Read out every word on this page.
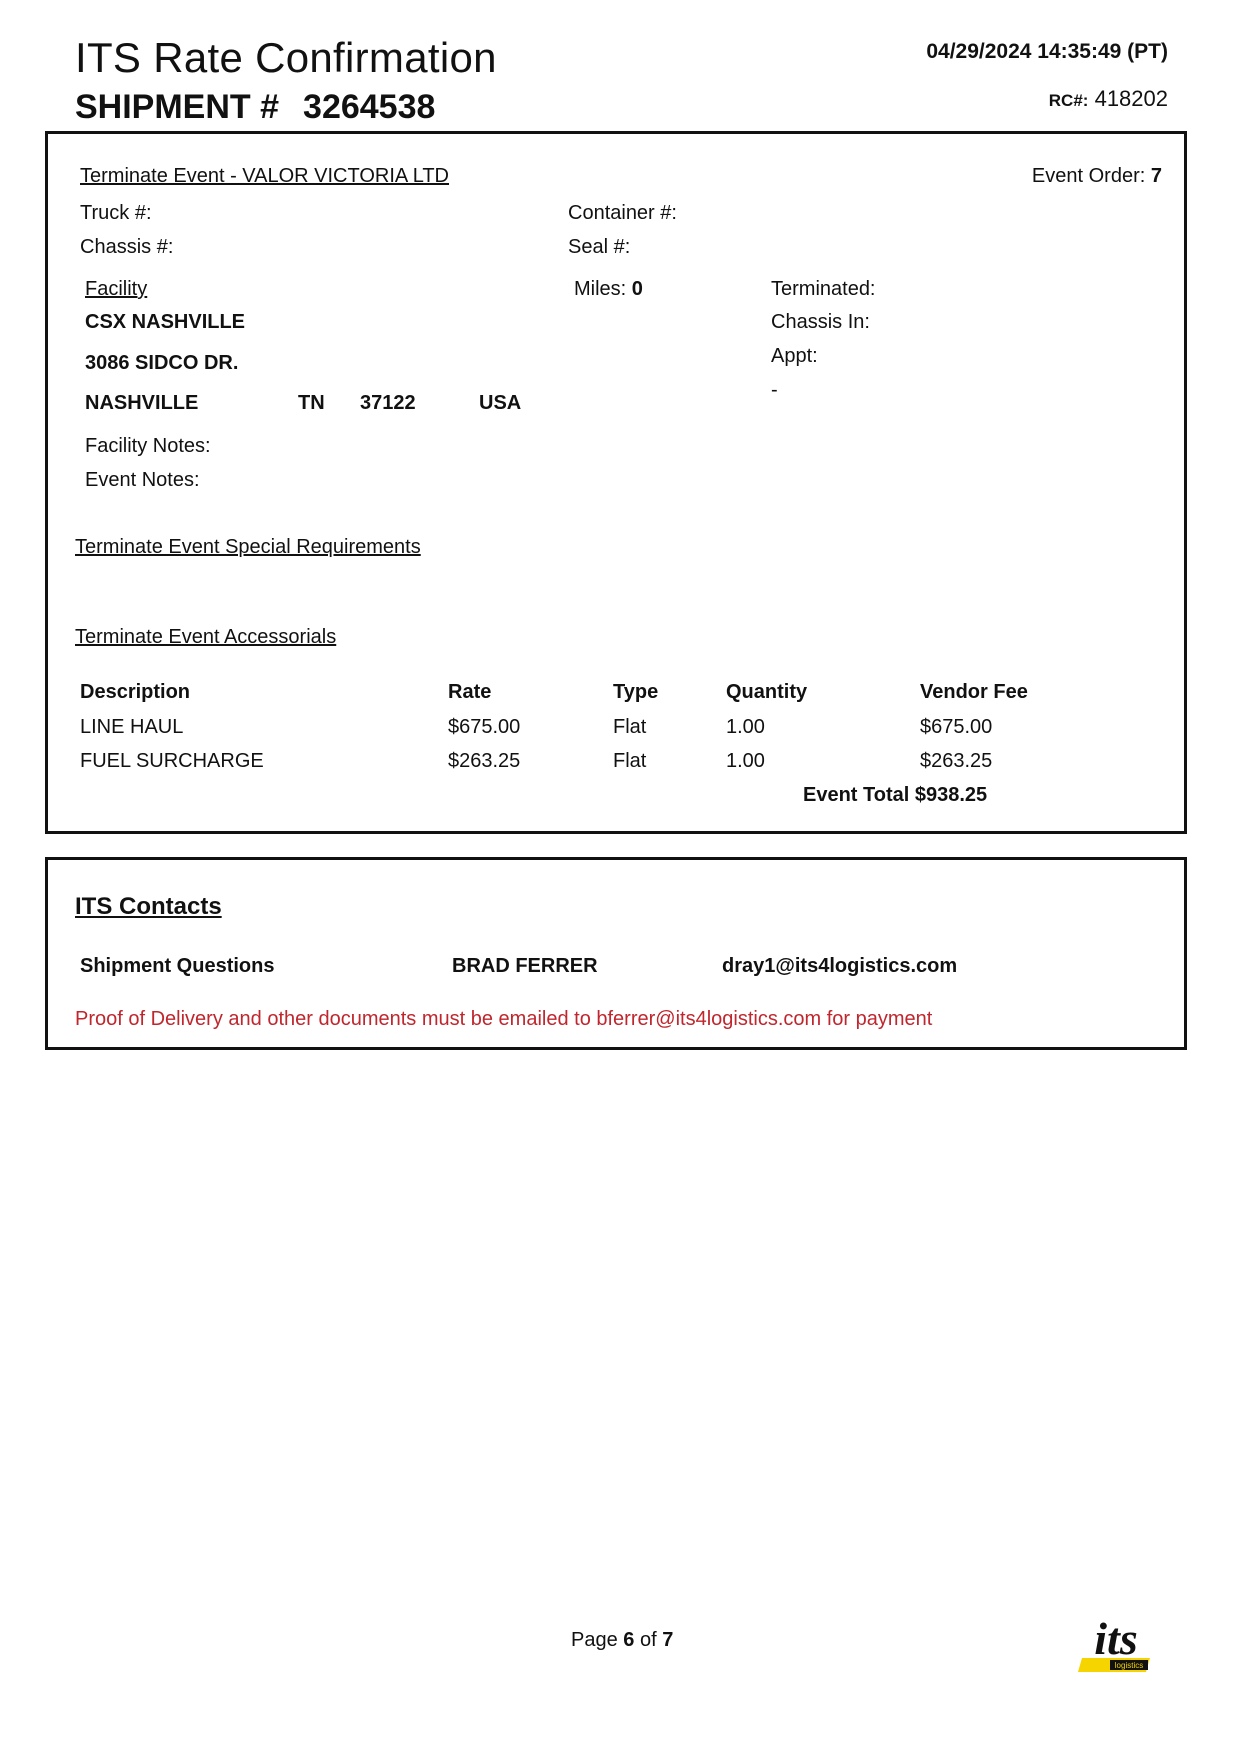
ITS Rate Confirmation
SHIPMENT # 3264538
04/29/2024 14:35:49 (PT)
RC#: 418202
Terminate Event - VALOR VICTORIA LTD	Event Order: 7
Truck #:	Container #:
Chassis #:	Seal #:
Facility
CSX NASHVILLE
3086 SIDCO DR.
NASHVILLE	TN 37122	USA
Miles: 0	Terminated:
Chassis In:
Appt:
-
Facility Notes:
Event Notes:
Terminate Event Special Requirements
Terminate Event Accessorials
Description	Rate	Type	Quantity	Vendor Fee
LINE HAUL	$675.00	Flat	1.00	$675.00
FUEL SURCHARGE	$263.25	Flat	1.00	$263.25
Event Total $938.25
ITS Contacts
Shipment Questions	BRAD FERRER	dray1@its4logistics.com
Proof of Delivery and other documents must be emailed to bferrer@its4logistics.com for payment
Page 6 of 7
logistics
its
